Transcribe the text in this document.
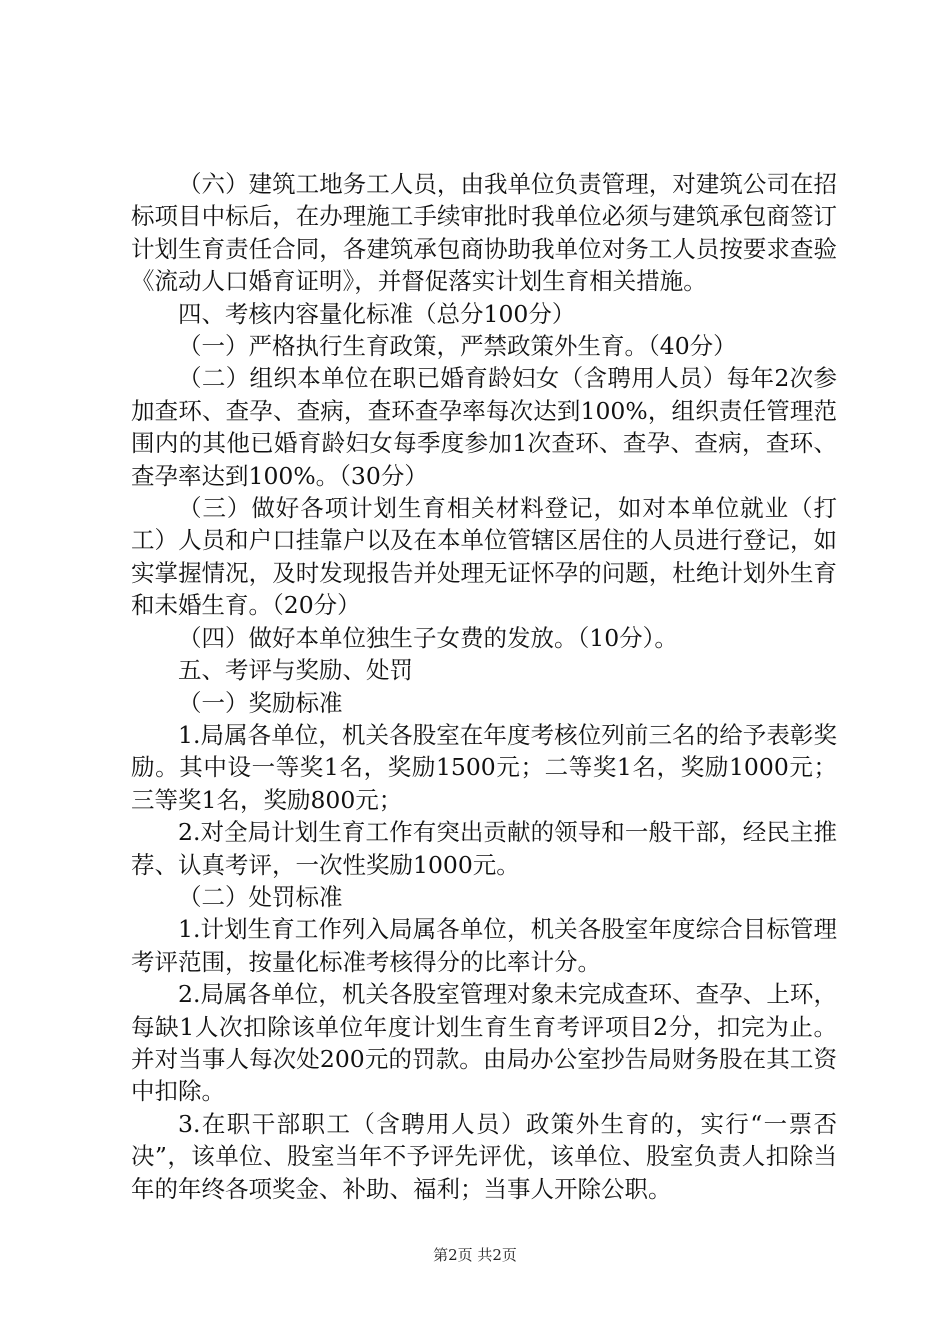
（六）建筑工地务工人员，由我单位负责管理，对建筑公司在招标项目中标后，在办理施工手续审批时我单位必须与建筑承包商签订计划生育责任合同，各建筑承包商协助我单位对务工人员按要求查验《流动人口婚育证明》，并督促落实计划生育相关措施。

四、考核内容量化标准（总分100分）

（一）严格执行生育政策，严禁政策外生育。（40分）

（二）组织本单位在职已婚育龄妇女（含聘用人员）每年2次参加查环、查孕、查病，查环查孕率每次达到100%，组织责任管理范围内的其他已婚育龄妇女每季度参加1次查环、查孕、查病，查环、查孕率达到100%。（30分）

（三）做好各项计划生育相关材料登记，如对本单位就业（打工）人员和户口挂靠户以及在本单位管辖区居住的人员进行登记，如实掌握情况，及时发现报告并处理无证怀孕的问题，杜绝计划外生育和未婚生育。（20分）

（四）做好本单位独生子女费的发放。（10分）。

五、考评与奖励、处罚

（一）奖励标准

1.局属各单位，机关各股室在年度考核位列前三名的给予表彰奖励。其中设一等奖1名，奖励1500元；二等奖1名，奖励1000元；三等奖1名，奖励800元；

2.对全局计划生育工作有突出贡献的领导和一般干部，经民主推荐、认真考评，一次性奖励1000元。

（二）处罚标准

1.计划生育工作列入局属各单位，机关各股室年度综合目标管理考评范围，按量化标准考核得分的比率计分。

2.局属各单位，机关各股室管理对象未完成查环、查孕、上环，每缺1人次扣除该单位年度计划生育生育考评项目2分，扣完为止。并对当事人每次处200元的罚款。由局办公室抄告局财务股在其工资中扣除。

3.在职干部职工（含聘用人员）政策外生育的，实行“一票否决”，该单位、股室当年不予评先评优，该单位、股室负责人扣除当年的年终各项奖金、补助、福利；当事人开除公职。

第2页 共2页
